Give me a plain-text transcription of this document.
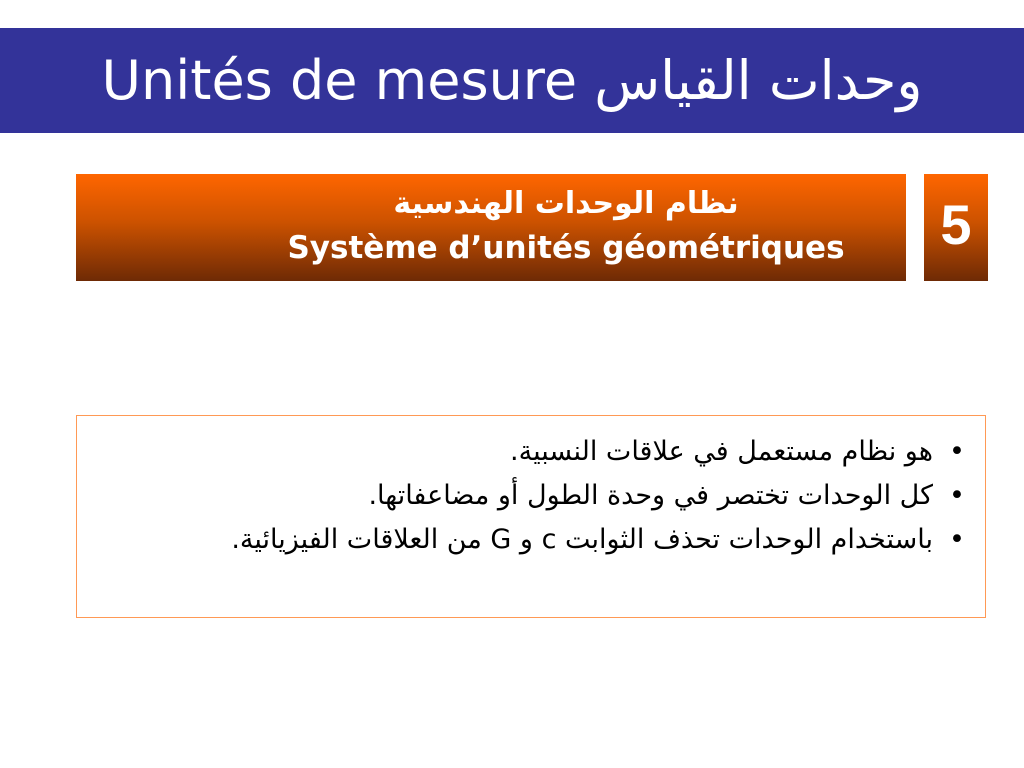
Unités de mesure وحدات القياس
نظام الوحدات الهندسية
Système d’unités géométriques	5
•
هو نظام مستعمل في علاقات النسبية.
•
كل الوحدات تختصر في وحدة الطول أو مضاعفاتها.
•
باستخدام الوحدات تحذف الثوابت c و G من العلاقات الفيزيائية.
